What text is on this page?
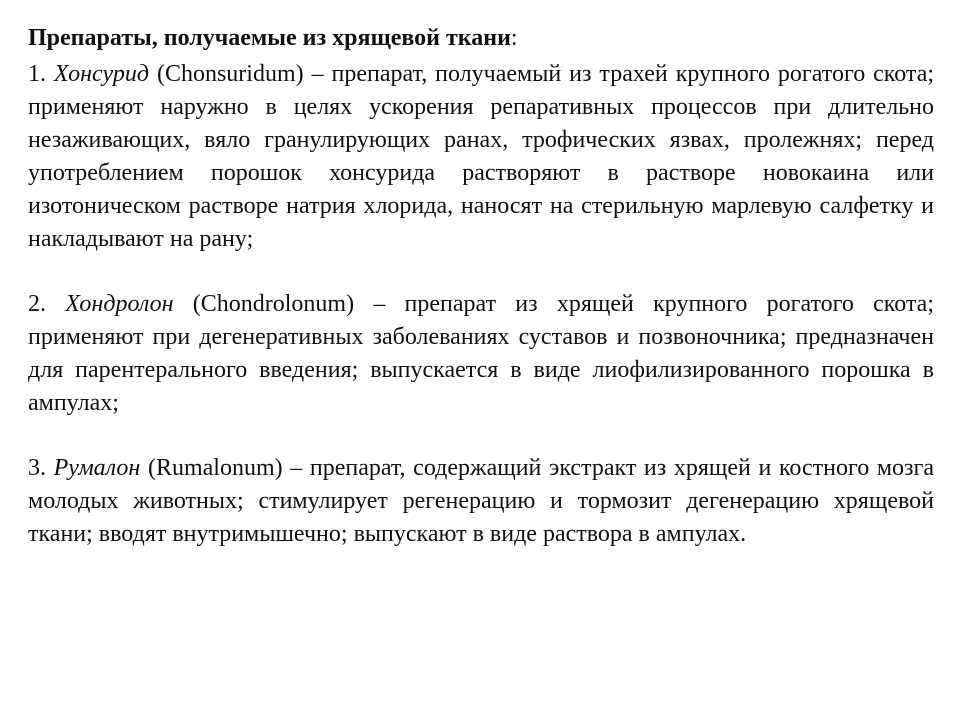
Препараты, получаемые из хрящевой ткани:

1. Хонсурид (Chonsuridum) – препарат, получаемый из трахей крупного рогатого скота; применяют наружно в целях ускорения репаративных процессов при длительно незаживающих, вяло гранулирующих ранах, трофических язвах, пролежнях; перед употреблением порошок хонсурида растворяют в растворе новокаина или изотоническом растворе натрия хлорида, наносят на стерильную марлевую салфетку и накладывают на рану;

2. Хондролон (Chondrolonum) – препарат из хрящей крупного рогатого скота; применяют при дегенеративных заболеваниях суставов и позвоночника; предназначен для парентерального введения; выпускается в виде лиофилизированного порошка в ампулах;

3. Румалон (Rumalonum) – препарат, содержащий экстракт из хрящей и костного мозга молодых животных; стимулирует регенерацию и тормозит дегенерацию хрящевой ткани; вводят внутримышечно; выпускают в виде раствора в ампулах.
